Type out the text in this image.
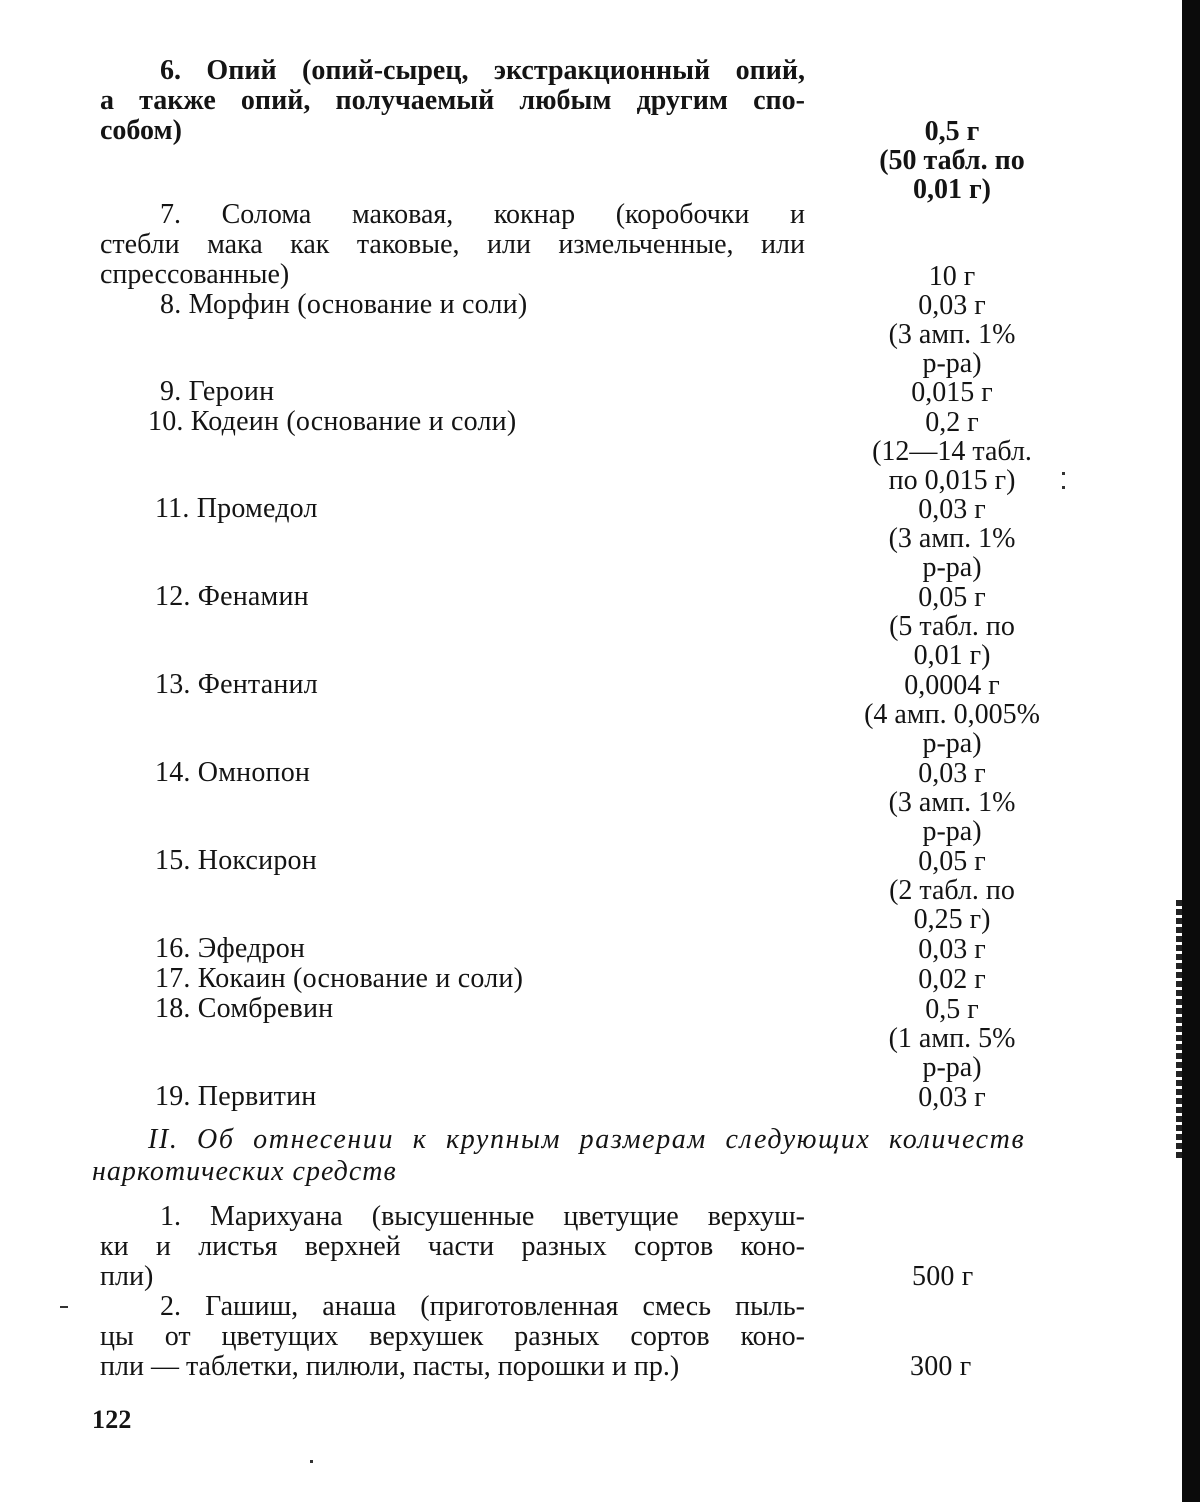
6. Опий (опий-сырец, экстракционный опий,
а также опий, получаемый любым другим спо-
собом)	0,5 г
(50 табл. по
0,01 г)
7. Солома маковая, кокнар (коробочки и
стебли мака как таковые, или измельченные, или
спрессованные)	10 г
8. Морфин (основание и соли)	0,03 г
(3 амп. 1%
р-ра)
9. Героин	0,015 г
10. Кодеин (основание и соли)	0,2 г
(12—14 табл.
по 0,015 г)
11. Промедол	0,03 г
(3 амп. 1%
р-ра)
12. Фенамин	0,05 г
(5 табл. по
0,01 г)
13. Фентанил	0,0004 г
(4 амп. 0,005%
р-ра)
14. Омнопон	0,03 г
(3 амп. 1%
р-ра)
15. Ноксирон	0,05 г
(2 табл. по
0,25 г)
16. Эфедрон	0,03 г
17. Кокаин (основание и соли)	0,02 г
18. Сомбревин	0,5 г
(1 амп. 5%
р-ра)
19. Первитин	0,03 г
II. Об отнесении к крупным размерам следующих количеств
наркотических средств
1. Марихуана (высушенные цветущие верхуш-
ки и листья верхней части разных сортов коно-
пли)	500 г
2. Гашиш, анаша (приготовленная смесь пыль-
цы от цветущих верхушек разных сортов коно-
пли — таблетки, пилюли, пасты, порошки и пр.)	300 г
122
